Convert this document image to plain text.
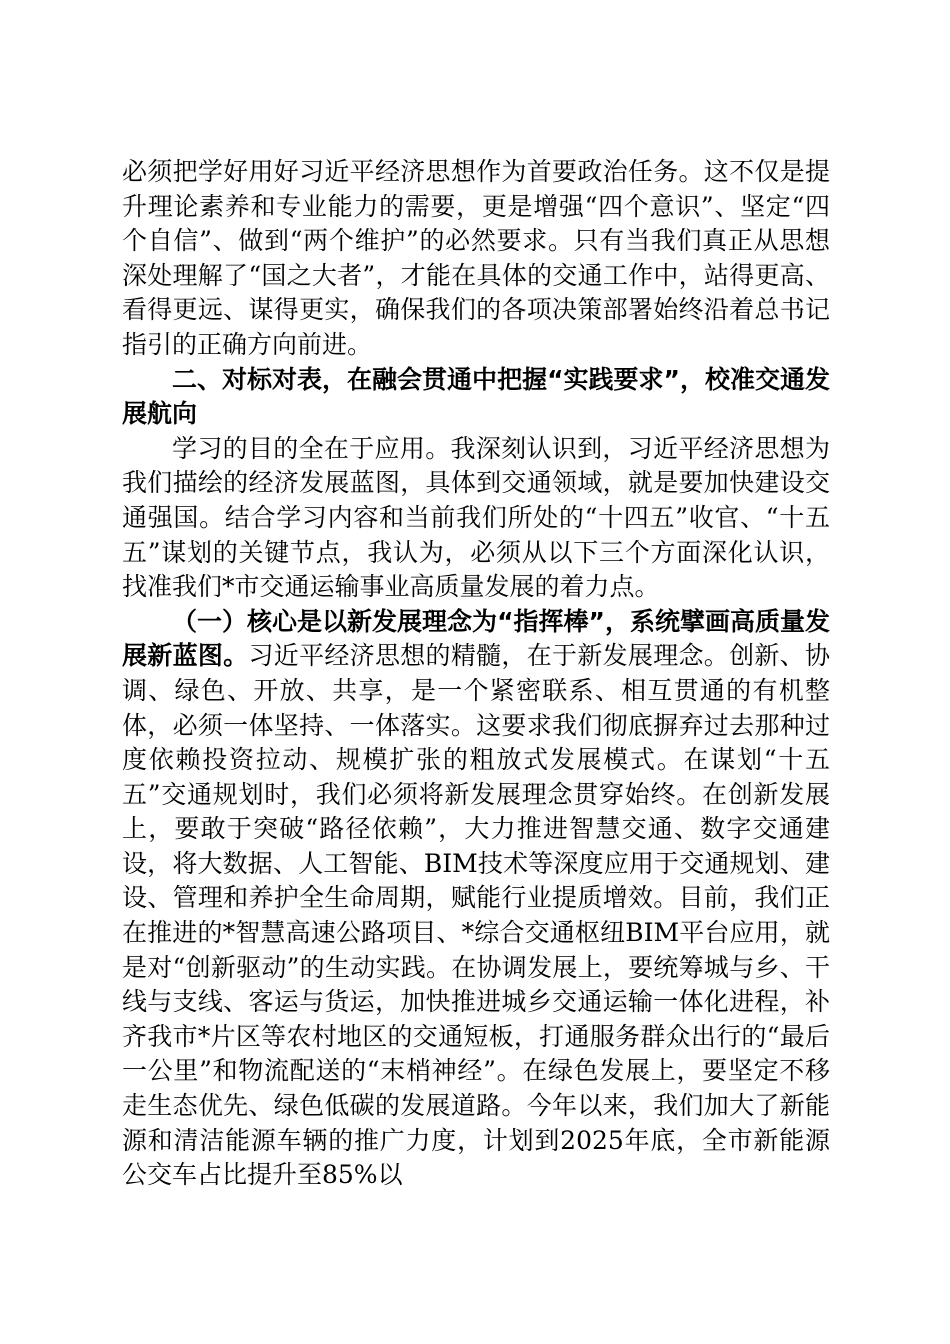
必须把学好用好习近平经济思想作为首要政治任务。这不仅是提升理论素养和专业能力的需要，更是增强“四个意识”、坚定“四个自信”、做到“两个维护”的必然要求。只有当我们真正从思想深处理解了“国之大者”，才能在具体的交通工作中，站得更高、看得更远、谋得更实，确保我们的各项决策部署始终沿着总书记指引的正确方向前进。

二、对标对表，在融会贯通中把握“实践要求”，校准交通发展航向

学习的目的全在于应用。我深刻认识到，习近平经济思想为我们描绘的经济发展蓝图，具体到交通领域，就是要加快建设交通强国。结合学习内容和当前我们所处的“十四五”收官、“十五五”谋划的关键节点，我认为，必须从以下三个方面深化认识，找准我们*市交通运输事业高质量发展的着力点。

（一）核心是以新发展理念为“指挥棒”，系统擘画高质量发展新蓝图。习近平经济思想的精髓，在于新发展理念。创新、协调、绿色、开放、共享，是一个紧密联系、相互贯通的有机整体，必须一体坚持、一体落实。这要求我们彻底摒弃过去那种过度依赖投资拉动、规模扩张的粗放式发展模式。在谋划“十五五”交通规划时，我们必须将新发展理念贯穿始终。在创新发展上，要敢于突破“路径依赖”，大力推进智慧交通、数字交通建设，将大数据、人工智能、BIM技术等深度应用于交通规划、建设、管理和养护全生命周期，赋能行业提质增效。目前，我们正在推进的*智慧高速公路项目、*综合交通枢纽BIM平台应用，就是对“创新驱动”的生动实践。在协调发展上，要统筹城与乡、干线与支线、客运与货运，加快推进城乡交通运输一体化进程，补齐我市*片区等农村地区的交通短板，打通服务群众出行的“最后一公里”和物流配送的“末梢神经”。在绿色发展上，要坚定不移走生态优先、绿色低碳的发展道路。今年以来，我们加大了新能源和清洁能源车辆的推广力度，计划到2025年底，全市新能源公交车占比提升至85%以
